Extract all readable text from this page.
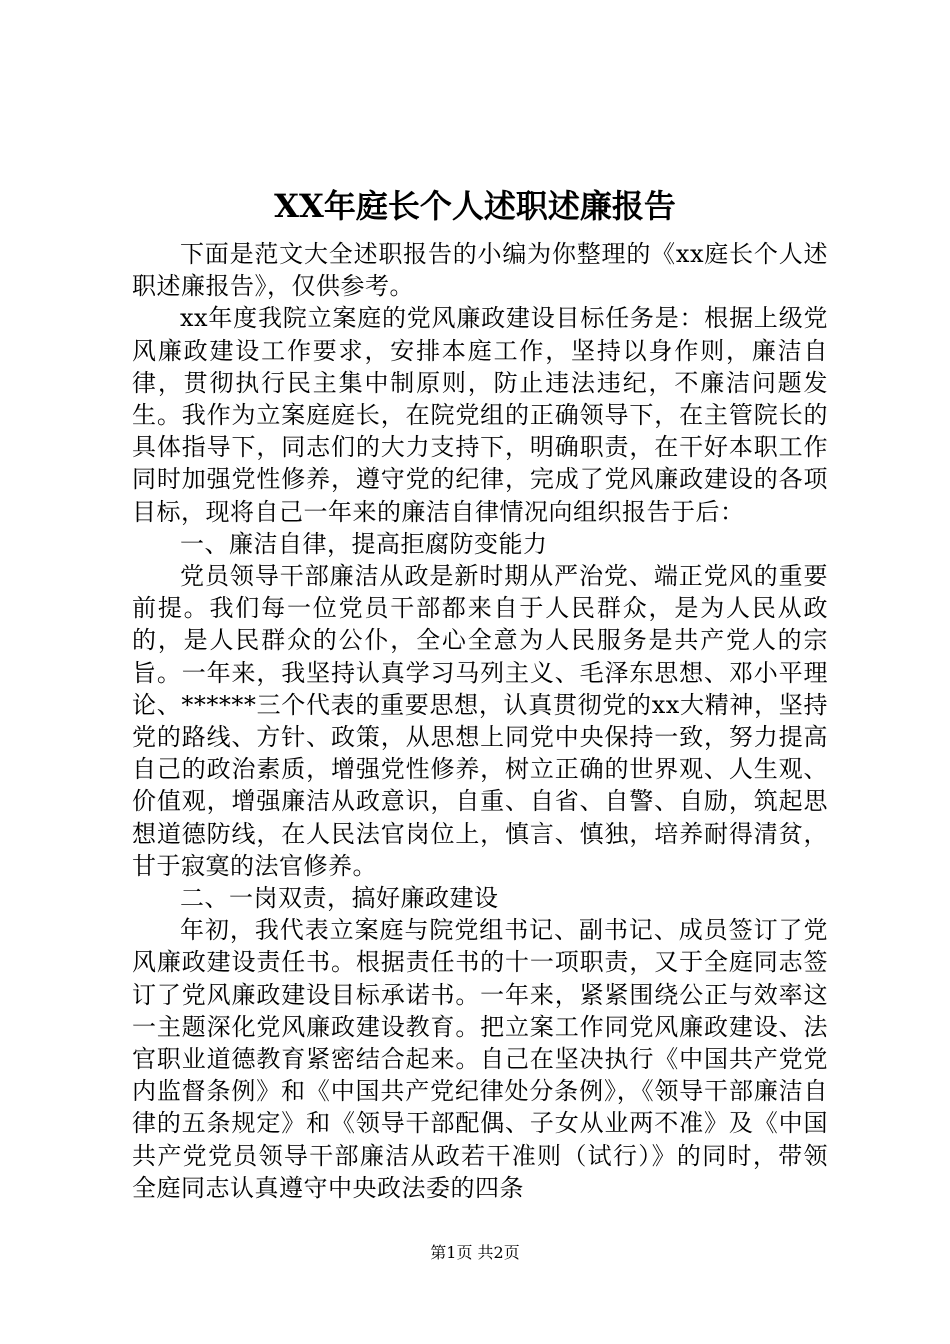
XX年庭长个人述职述廉报告

下面是范文大全述职报告的小编为你整理的《xx庭长个人述职述廉报告》，仅供参考。

xx年度我院立案庭的党风廉政建设目标任务是：根据上级党风廉政建设工作要求，安排本庭工作，坚持以身作则，廉洁自律，贯彻执行民主集中制原则，防止违法违纪，不廉洁问题发生。我作为立案庭庭长，在院党组的正确领导下，在主管院长的具体指导下，同志们的大力支持下，明确职责，在干好本职工作同时加强党性修养，遵守党的纪律，完成了党风廉政建设的各项目标，现将自己一年来的廉洁自律情况向组织报告于后：

一、廉洁自律，提高拒腐防变能力

党员领导干部廉洁从政是新时期从严治党、端正党风的重要前提。我们每一位党员干部都来自于人民群众，是为人民从政的，是人民群众的公仆，全心全意为人民服务是共产党人的宗旨。一年来，我坚持认真学习马列主义、毛泽东思想、邓小平理论、******三个代表的重要思想，认真贯彻党的xx大精神，坚持党的路线、方针、政策，从思想上同党中央保持一致，努力提高自己的政治素质，增强党性修养，树立正确的世界观、人生观、价值观，增强廉洁从政意识，自重、自省、自警、自励，筑起思想道德防线，在人民法官岗位上，慎言、慎独，培养耐得清贫，甘于寂寞的法官修养。

二、一岗双责，搞好廉政建设

年初，我代表立案庭与院党组书记、副书记、成员签订了党风廉政建设责任书。根据责任书的十一项职责，又于全庭同志签订了党风廉政建设目标承诺书。一年来，紧紧围绕公正与效率这一主题深化党风廉政建设教育。把立案工作同党风廉政建设、法官职业道德教育紧密结合起来。自己在坚决执行《中国共产党党内监督条例》和《中国共产党纪律处分条例》，《领导干部廉洁自律的五条规定》和《领导干部配偶、子女从业两不准》及《中国共产党党员领导干部廉洁从政若干准则（试行）》的同时，带领全庭同志认真遵守中央政法委的四条

第1页 共2页
